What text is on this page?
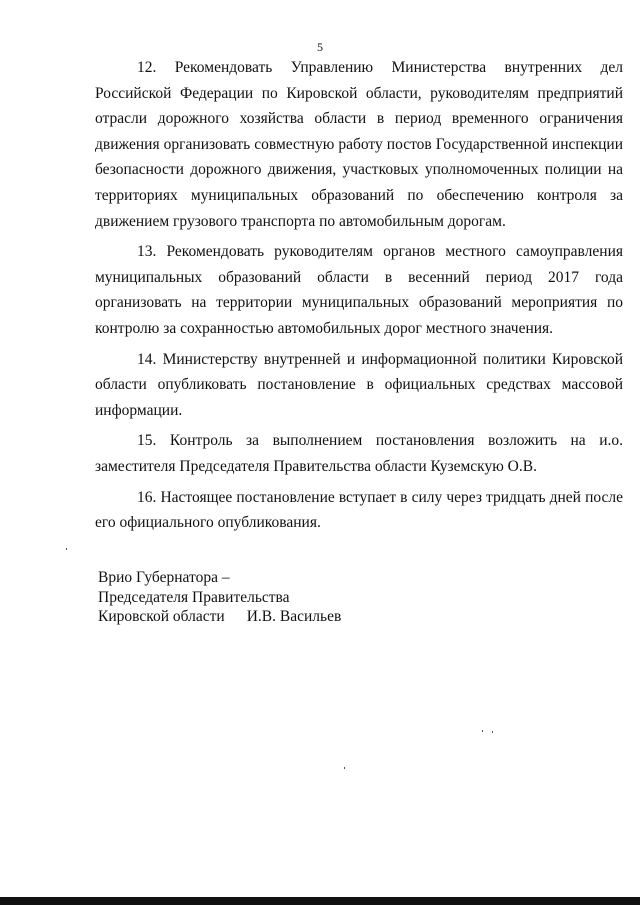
5

12. Рекомендовать Управлению Министерства внутренних дел Российской Федерации по Кировской области, руководителям предприятий отрасли дорожного хозяйства области в период временного ограничения движения организовать совместную работу постов Государственной инспекции безопасности дорожного движения, участковых уполномоченных полиции на территориях муниципальных образований по обеспечению контроля за движением грузового транспорта по автомобильным дорогам.

13. Рекомендовать руководителям органов местного самоуправления муниципальных образований области в весенний период 2017 года организовать на территории муниципальных образований мероприятия по контролю за сохранностью автомобильных дорог местного значения.

14. Министерству внутренней и информационной политики Кировской области опубликовать постановление в официальных средствах массовой информации.

15. Контроль за выполнением постановления возложить на и.о. заместителя Председателя Правительства области Куземскую О.В.

16. Настоящее постановление вступает в силу через тридцать дней после его официального опубликования.

Врио Губернатора –
Председателя Правительства
Кировской области И.В. Васильев
